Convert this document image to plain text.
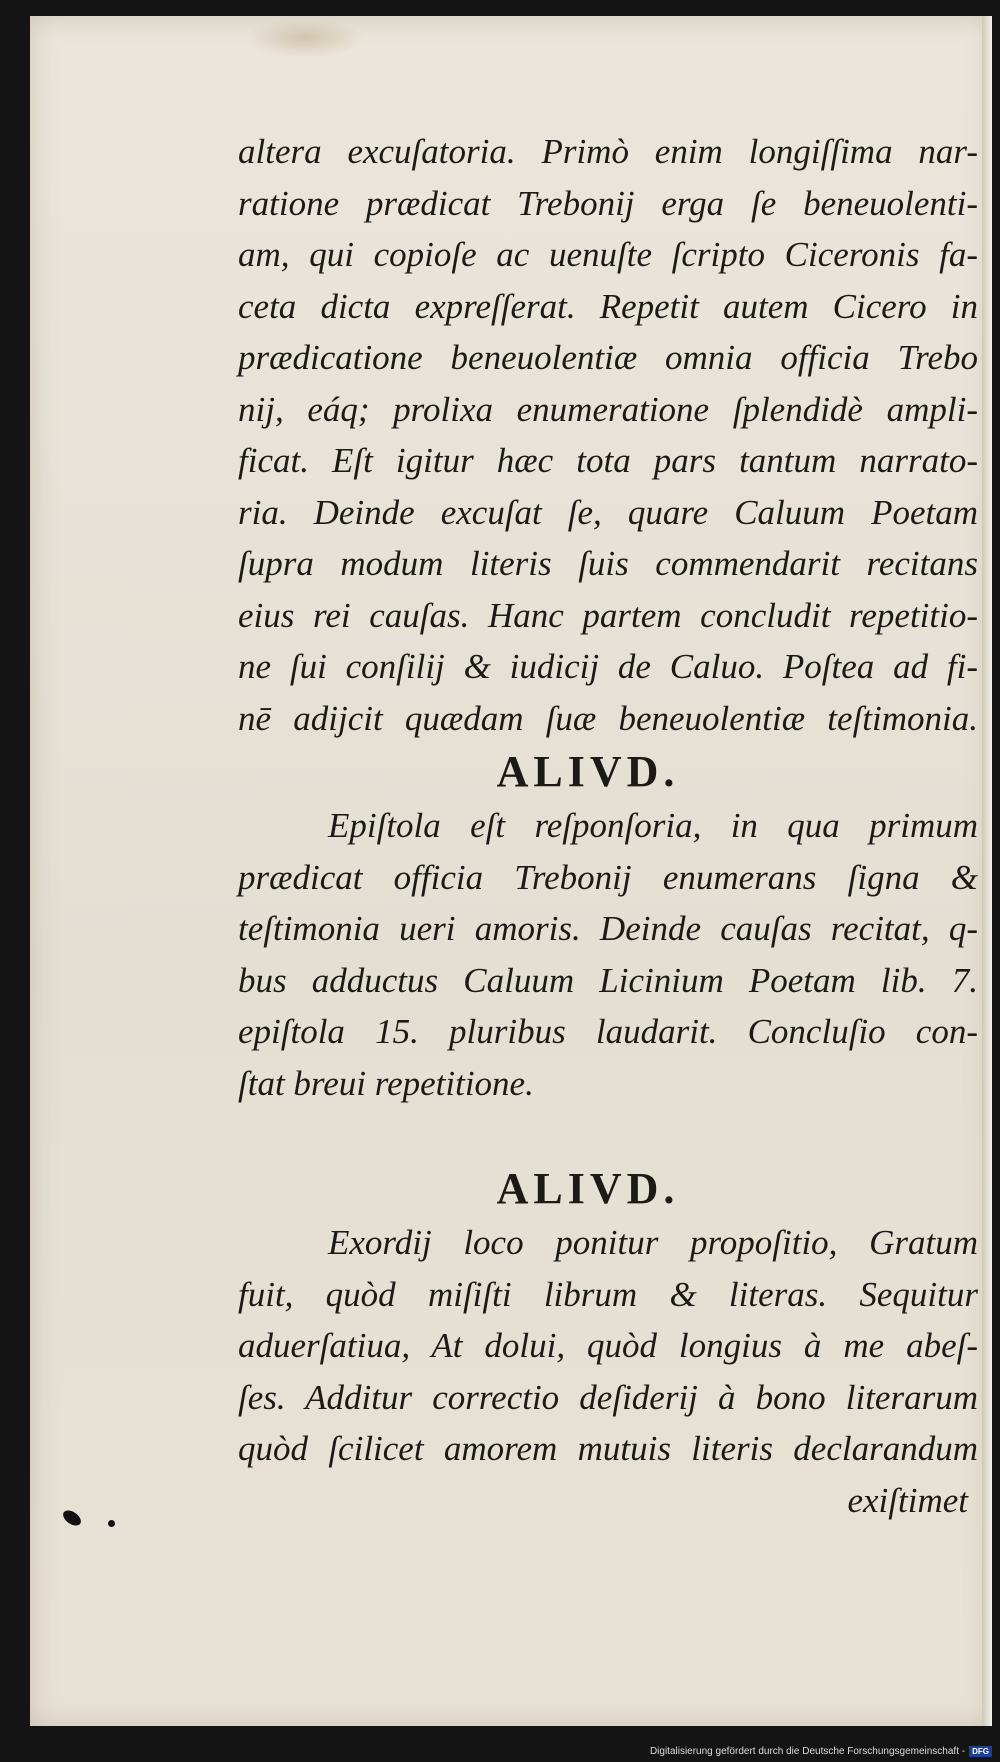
altera excuſatoria. Primò enim longiſſima nar-
ratione prædicat Trebonij erga ſe beneuolenti-
am, qui copioſe ac uenuſte ſcripto Ciceronis fa-
ceta dicta expreſſerat. Repetit autem Cicero in
prædicatione beneuolentiæ omnia officia Trebo
nij, eáq; prolixa enumeratione ſplendidè ampli-
ficat. Eſt igitur hæc tota pars tantum narrato-
ria. Deinde excuſat ſe, quare Caluum Poetam
ſupra modum literis ſuis commendarit recitans
eius rei cauſas. Hanc partem concludit repetitio-
ne ſui conſilij & iudicij de Caluo. Poſtea ad fi-
nē adijcit quædam ſuæ beneuolentiæ teſtimonia.
ALIVD.
Epiſtola eſt reſponſoria, in qua primum
prædicat officia Trebonij enumerans ſigna &
teſtimonia ueri amoris. Deinde cauſas recitat, q-
bus adductus Caluum Licinium Poetam lib. 7.
epiſtola 15. pluribus laudarit. Concluſio con-
ſtat breui repetitione.
ALIVD.
Exordij loco ponitur propoſitio, Gratum
fuit, quòd miſiſti librum & literas. Sequitur
aduerſatiua, At dolui, quòd longius à me abeſ-
ſes. Additur correctio deſiderij à bono literarum
quòd ſcilicet amorem mutuis literis declarandum
exiſtimet
Digitalisierung gefördert durch die Deutsche Forschungsgemeinschaft - DFG
